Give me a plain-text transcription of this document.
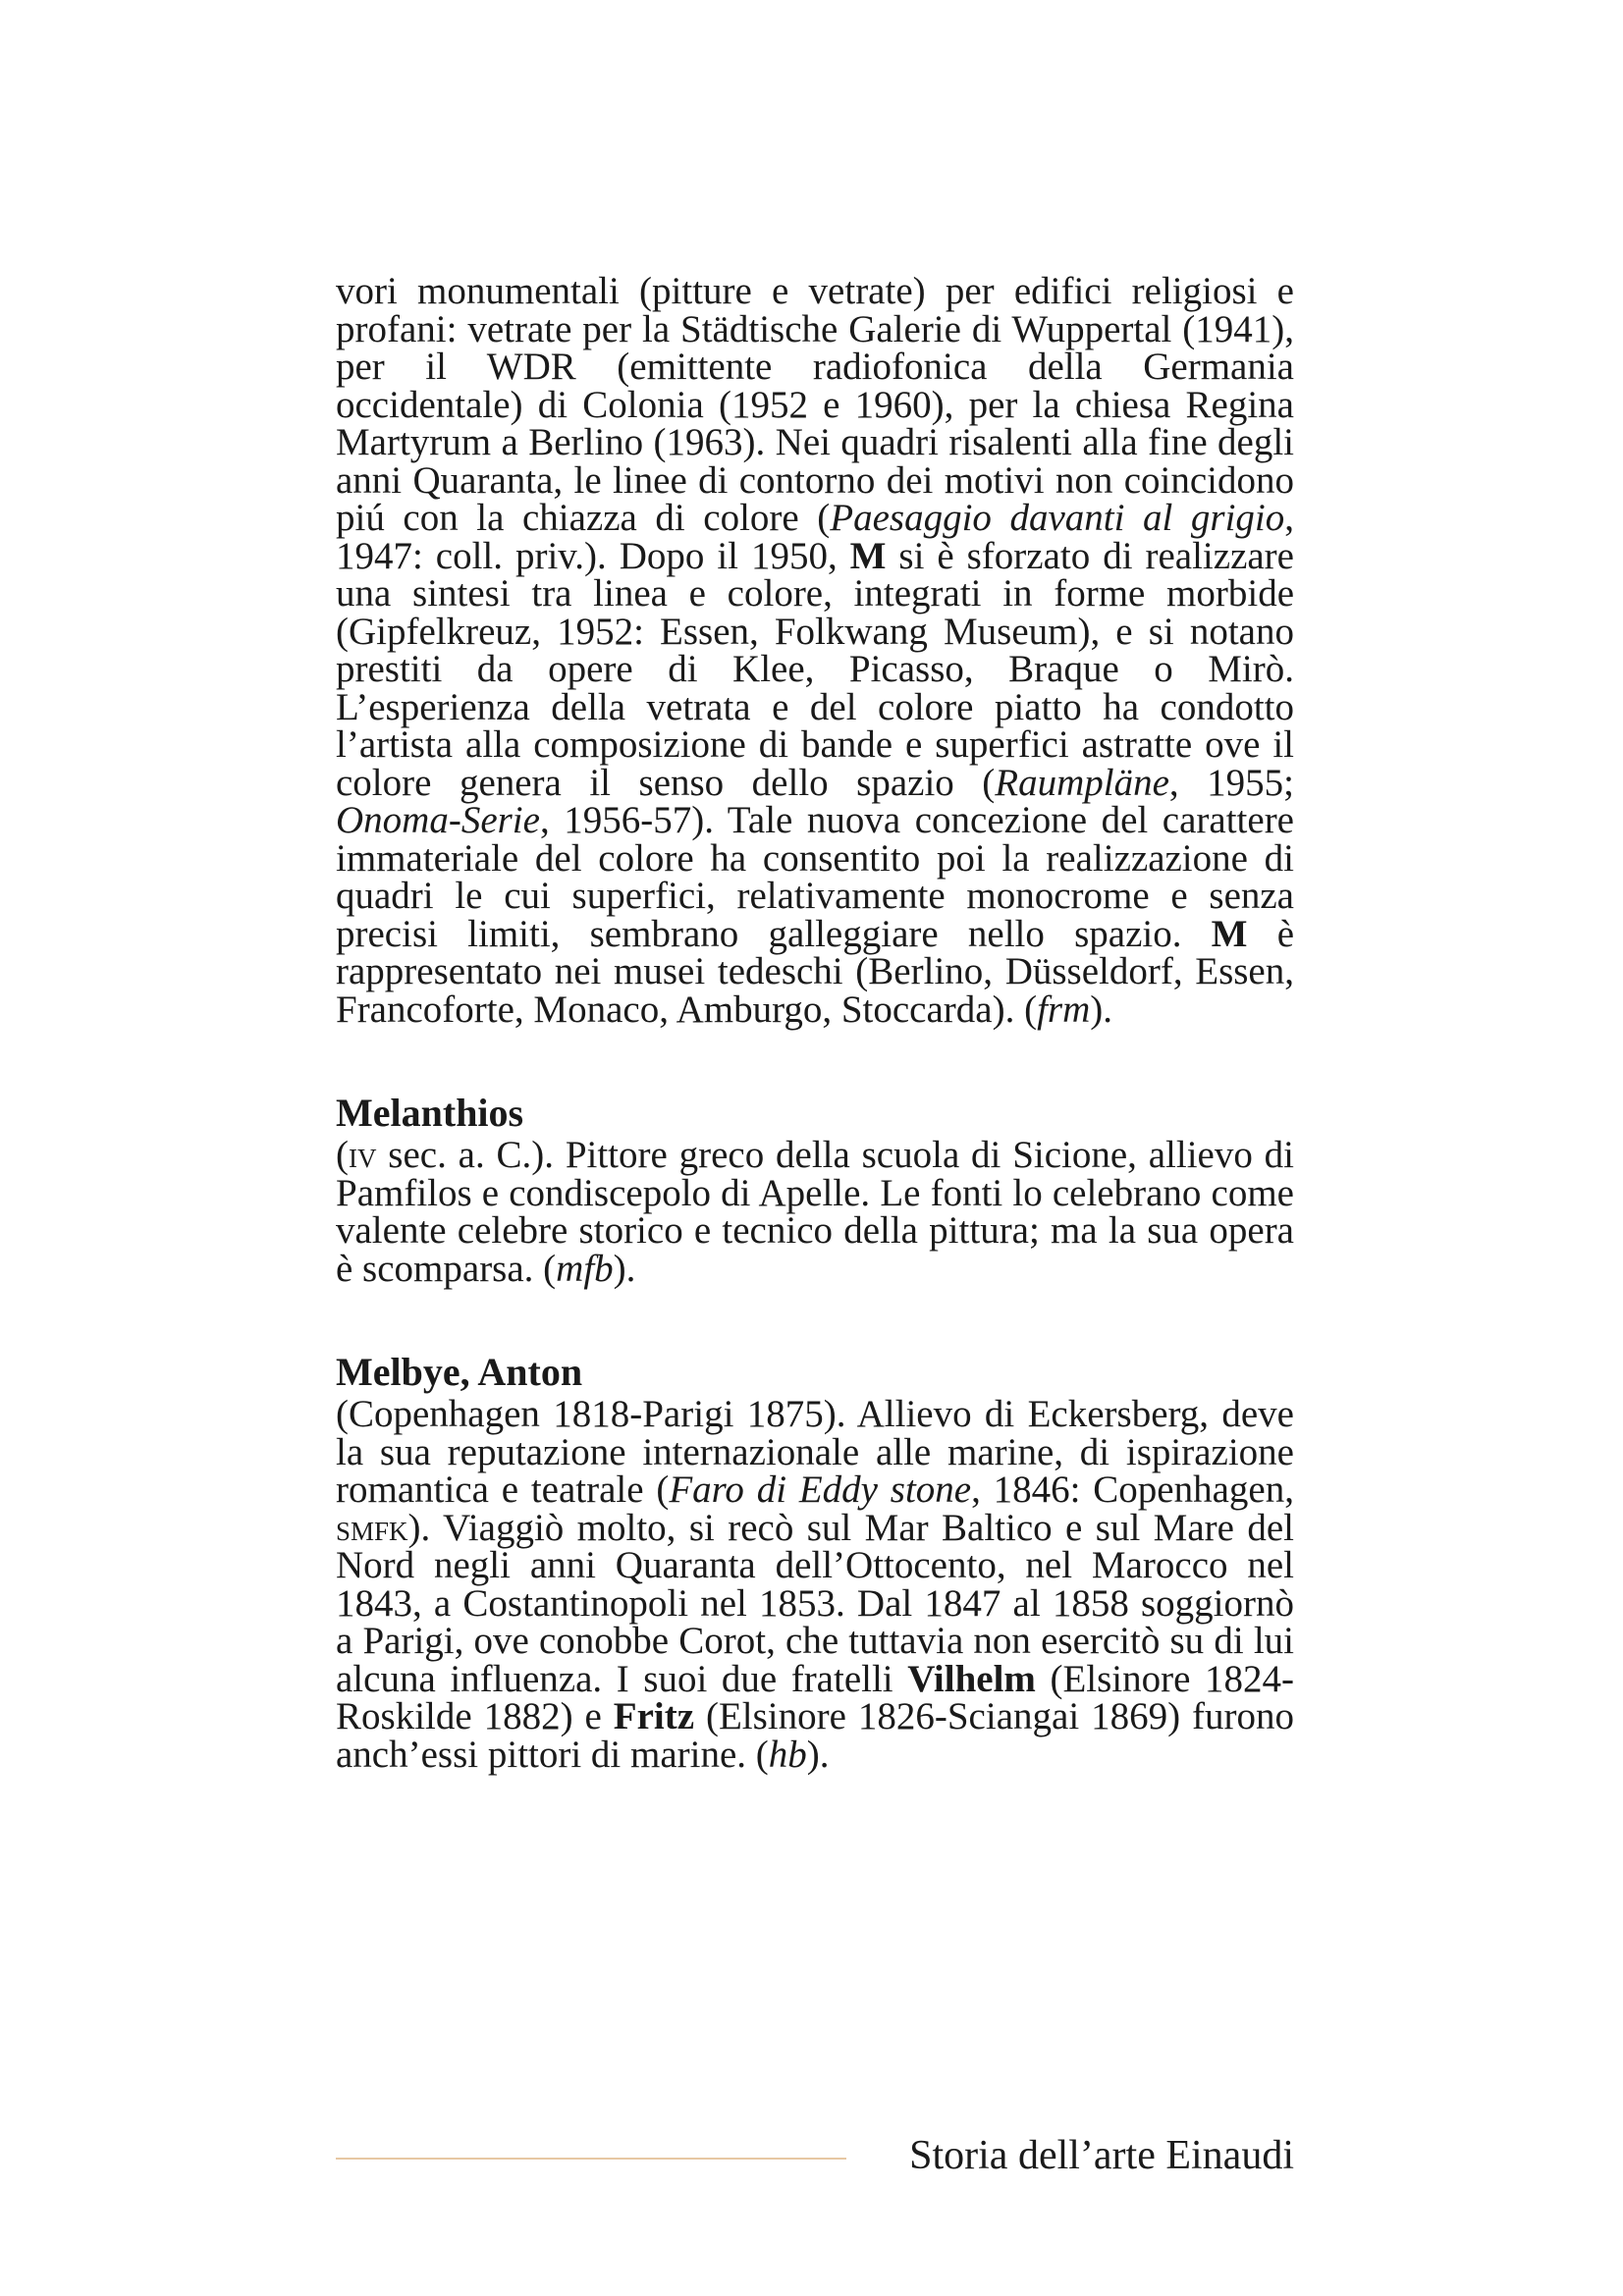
vori monumentali (pitture e vetrate) per edifici religiosi e profani: vetrate per la Städtische Galerie di Wuppertal (1941), per il WDR (emittente radiofonica della Germania occidentale) di Colonia (1952 e 1960), per la chiesa Regina Martyrum a Berlino (1963). Nei quadri risalenti alla fine degli anni Quaranta, le linee di contorno dei motivi non coincidono piú con la chiazza di colore (Paesaggio davanti al grigio, 1947: coll. priv.). Dopo il 1950, M si è sforzato di realizzare una sintesi tra linea e colore, integrati in forme morbide (Gipfelkreuz, 1952: Essen, Folkwang Museum), e si notano prestiti da opere di Klee, Picasso, Braque o Mirò. L’esperienza della vetrata e del colore piatto ha condotto l’artista alla composizione di bande e superfici astratte ove il colore genera il senso dello spazio (Raumpläne, 1955; Onoma-Serie, 1956-57). Tale nuova concezione del carattere immateriale del colore ha consentito poi la realizzazione di quadri le cui superfici, relativamente monocrome e senza precisi limiti, sembrano galleggiare nello spazio. M è rappresentato nei musei tedeschi (Berlino, Düsseldorf, Essen, Francoforte, Monaco, Amburgo, Stoccarda). (frm).

Melanthios

(iv sec. a. C.). Pittore greco della scuola di Sicione, allievo di Pamfilos e condiscepolo di Apelle. Le fonti lo celebrano come valente celebre storico e tecnico della pittura; ma la sua opera è scomparsa. (mfb).

Melbye, Anton

(Copenhagen 1818-Parigi 1875). Allievo di Eckersberg, deve la sua reputazione internazionale alle marine, di ispirazione romantica e teatrale (Faro di Eddy stone, 1846: Copenhagen, smfk). Viaggiò molto, si recò sul Mar Baltico e sul Mare del Nord negli anni Quaranta dell’Ottocento, nel Marocco nel 1843, a Costantinopoli nel 1853. Dal 1847 al 1858 soggiornò a Parigi, ove conobbe Corot, che tuttavia non esercitò su di lui alcuna influenza. I suoi due fratelli Vilhelm (Elsinore 1824-Roskilde 1882) e Fritz (Elsinore 1826-Sciangai 1869) furono anch’essi pittori di marine. (hb).

Storia dell’arte Einaudi
